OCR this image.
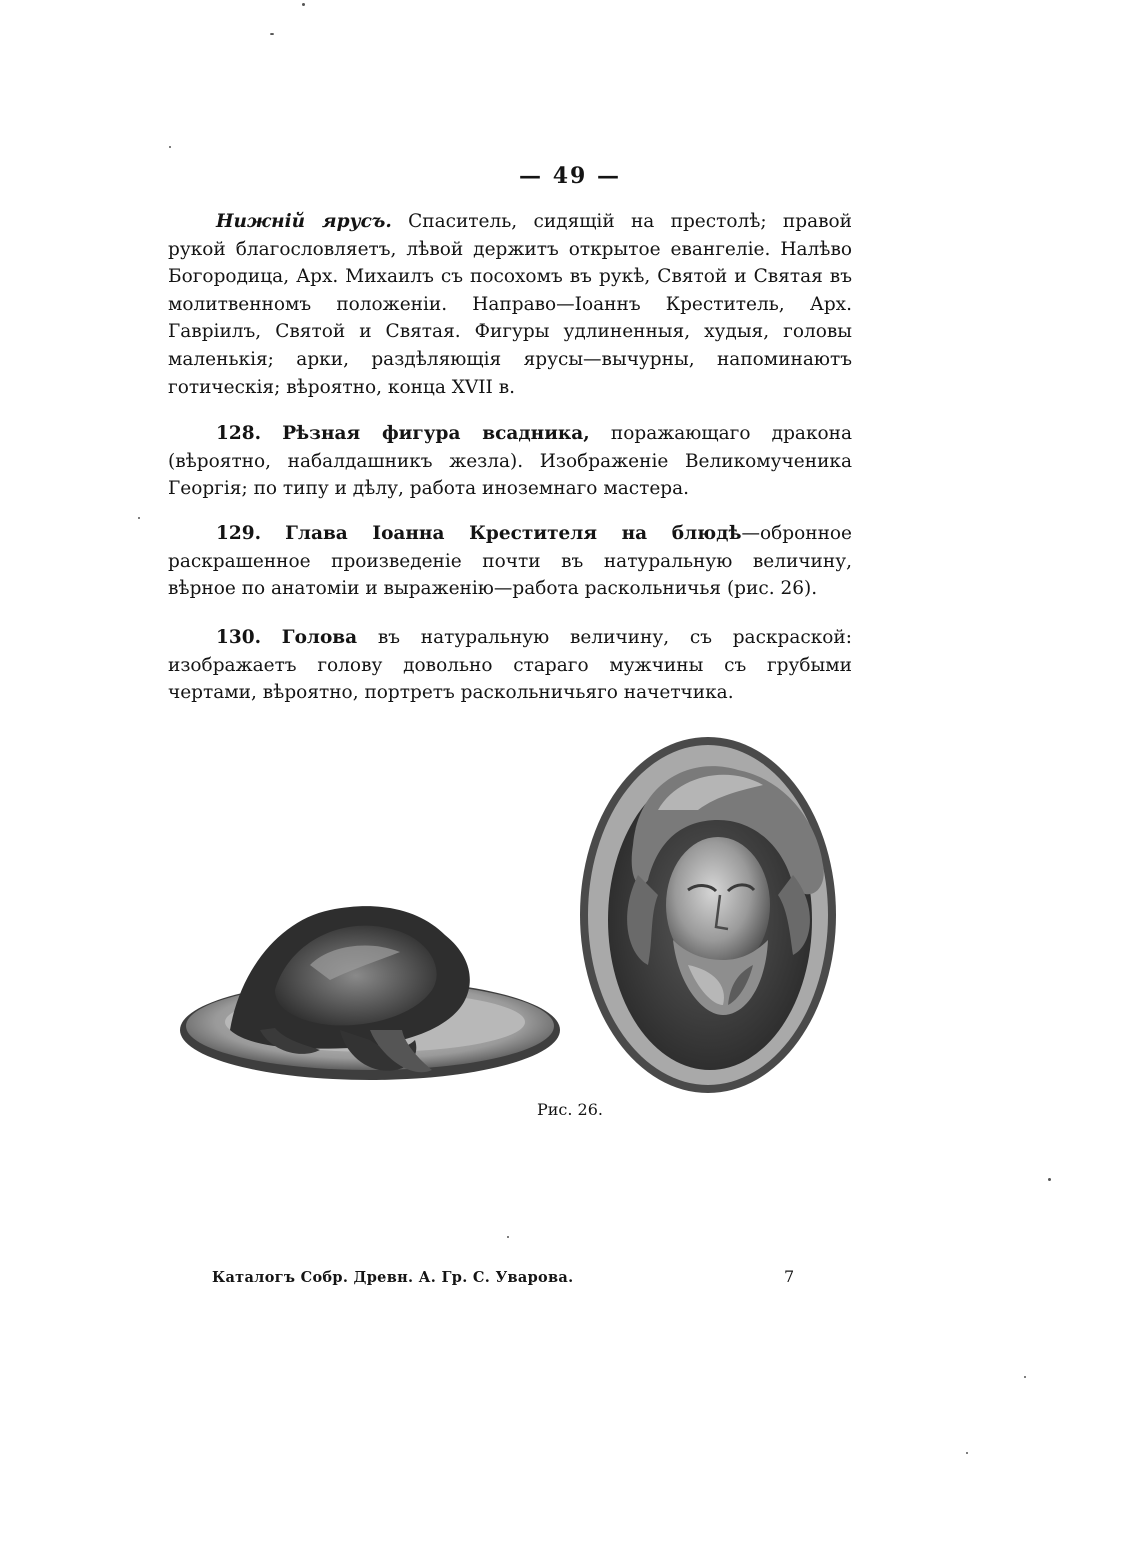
— 49 —

Нижній ярусъ. Спаситель, сидящій на престолѣ; правой рукой благословляетъ, лѣвой держитъ открытое евангеліе. Налѣво Богородица, Арх. Михаилъ съ посохомъ въ рукѣ, Святой и Святая въ молитвенномъ положеніи. Направо—Іоаннъ Креститель, Арх. Гавріилъ, Святой и Святая. Фигуры удлиненныя, худыя, головы маленькія; арки, раздѣляющія ярусы—вычурны, напоминаютъ готическія; вѣроятно, конца XVII в.

128. Рѣзная фигура всадника, поражающаго дракона (вѣроятно, набалдашникъ жезла). Изображеніе Великомученика Георгія; по типу и дѣлу, работа иноземнаго мастера.

129. Глава Іоанна Крестителя на блюдѣ—обронное раскрашенное произведеніе почти въ натуральную величину, вѣрное по анатоміи и выраженію—работа раскольничья (рис. 26).

130. Голова въ натуральную величину, съ раскраской: изображаетъ голову довольно стараго мужчины съ грубыми чертами, вѣроятно, портретъ раскольничьяго начетчика.

Рис. 26.
Каталогъ Собр. Древн. А. Гр. С. Уварова.	7
